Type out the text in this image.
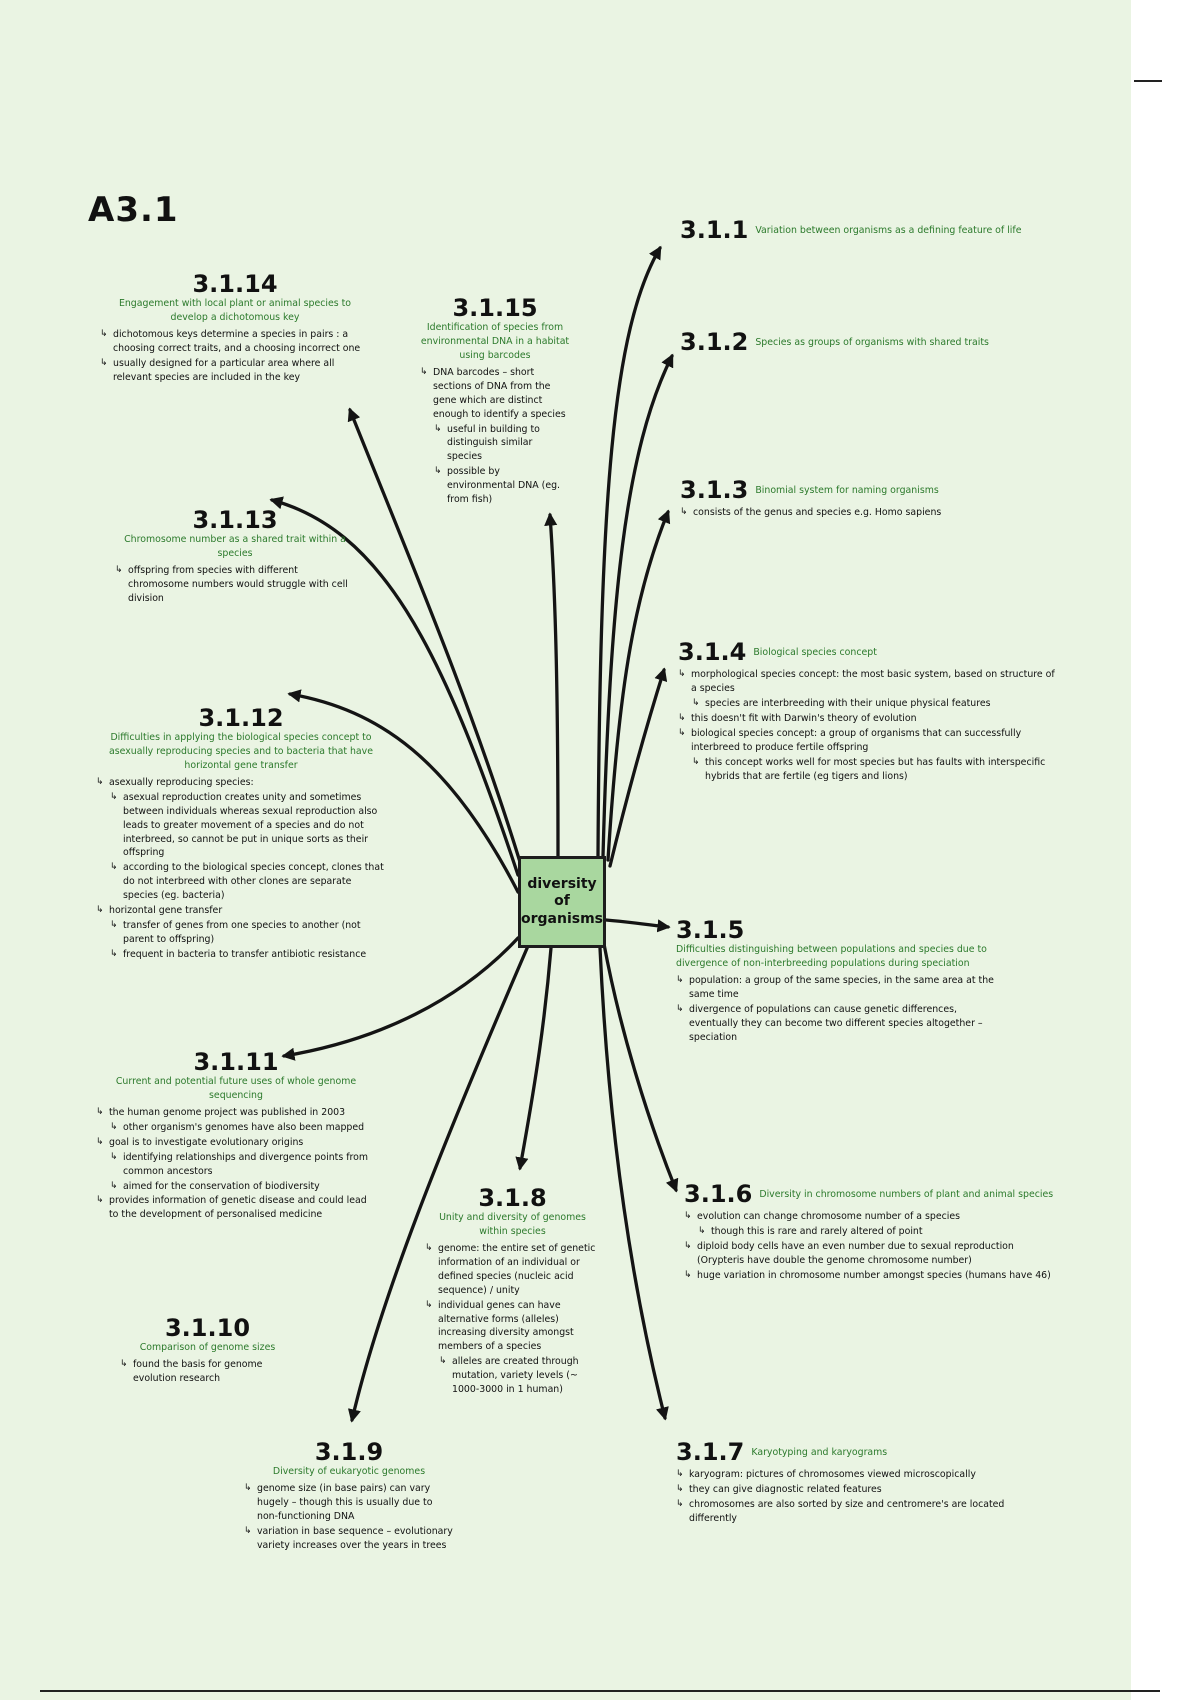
A3.1
diversity of organisms
3.1.1 Variation between organisms as a defining feature of life
3.1.2 Species as groups of organisms with shared traits
3.1.3 Binomial system for naming organisms
↳ consists of the genus and species e.g. Homo sapiens
3.1.4 Biological species concept
↳ morphological species concept: the most basic system, based on structure of a species
↳ species are interbreeding with their unique physical features
↳ this doesn't fit with Darwin's theory of evolution
↳ biological species concept: a group of organisms that can successfully interbreed to produce fertile offspring
↳ this concept works well for most species but has faults with interspecific hybrids that are fertile (eg tigers and lions)
3.1.5Difficulties distinguishing between populations and species due to divergence of non-interbreeding populations during speciation
↳ population: a group of the same species, in the same area at the same time
↳ divergence of populations can cause genetic differences, eventually they can become two different species altogether – speciation
3.1.6 Diversity in chromosome numbers of plant and animal species
↳ evolution can change chromosome number of a species
↳ though this is rare and rarely altered of point
↳ diploid body cells have an even number due to sexual reproduction (Orypteris have double the genome chromosome number)
↳ huge variation in chromosome number amongst species (humans have 46)
3.1.7 Karyotyping and karyograms
↳ karyogram: pictures of chromosomes viewed microscopically
↳ they can give diagnostic related features
↳ chromosomes are also sorted by size and centromere's are located differently
3.1.8
Unity and diversity of genomes within species
↳ genome: the entire set of genetic information of an individual or defined species (nucleic acid sequence) / unity
↳ individual genes can have alternative forms (alleles) increasing diversity amongst members of a species
↳ alleles are created through mutation, variety levels (~ 1000-3000 in 1 human)
3.1.9
Diversity of eukaryotic genomes
↳ genome size (in base pairs) can vary hugely – though this is usually due to non-functioning DNA
↳ variation in base sequence – evolutionary variety increases over the years in trees
3.1.10
Comparison of genome sizes
↳ found the basis for genome evolution research
3.1.11
Current and potential future uses of whole genome sequencing
↳ the human genome project was published in 2003
↳ other organism's genomes have also been mapped
↳ goal is to investigate evolutionary origins
↳ identifying relationships and divergence points from common ancestors
↳ aimed for the conservation of biodiversity
↳ provides information of genetic disease and could lead to the development of personalised medicine
3.1.12
Difficulties in applying the biological species concept to asexually reproducing species and to bacteria that have horizontal gene transfer
↳ asexually reproducing species:
↳ asexual reproduction creates unity and sometimes between individuals whereas sexual reproduction also leads to greater movement of a species and do not interbreed, so cannot be put in unique sorts as their offspring
↳ according to the biological species concept, clones that do not interbreed with other clones are separate species (eg. bacteria)
↳ horizontal gene transfer
↳ transfer of genes from one species to another (not parent to offspring)
↳ frequent in bacteria to transfer antibiotic resistance
3.1.13
Chromosome number as a shared trait within a species
↳ offspring from species with different chromosome numbers would struggle with cell division
3.1.14
Engagement with local plant or animal species to develop a dichotomous key
↳ dichotomous keys determine a species in pairs : a choosing correct traits, and a choosing incorrect one
↳ usually designed for a particular area where all relevant species are included in the key
3.1.15
Identification of species from environmental DNA in a habitat using barcodes
↳ DNA barcodes – short sections of DNA from the gene which are distinct enough to identify a species
↳ useful in building to distinguish similar species
↳ possible by environmental DNA (eg. from fish)
